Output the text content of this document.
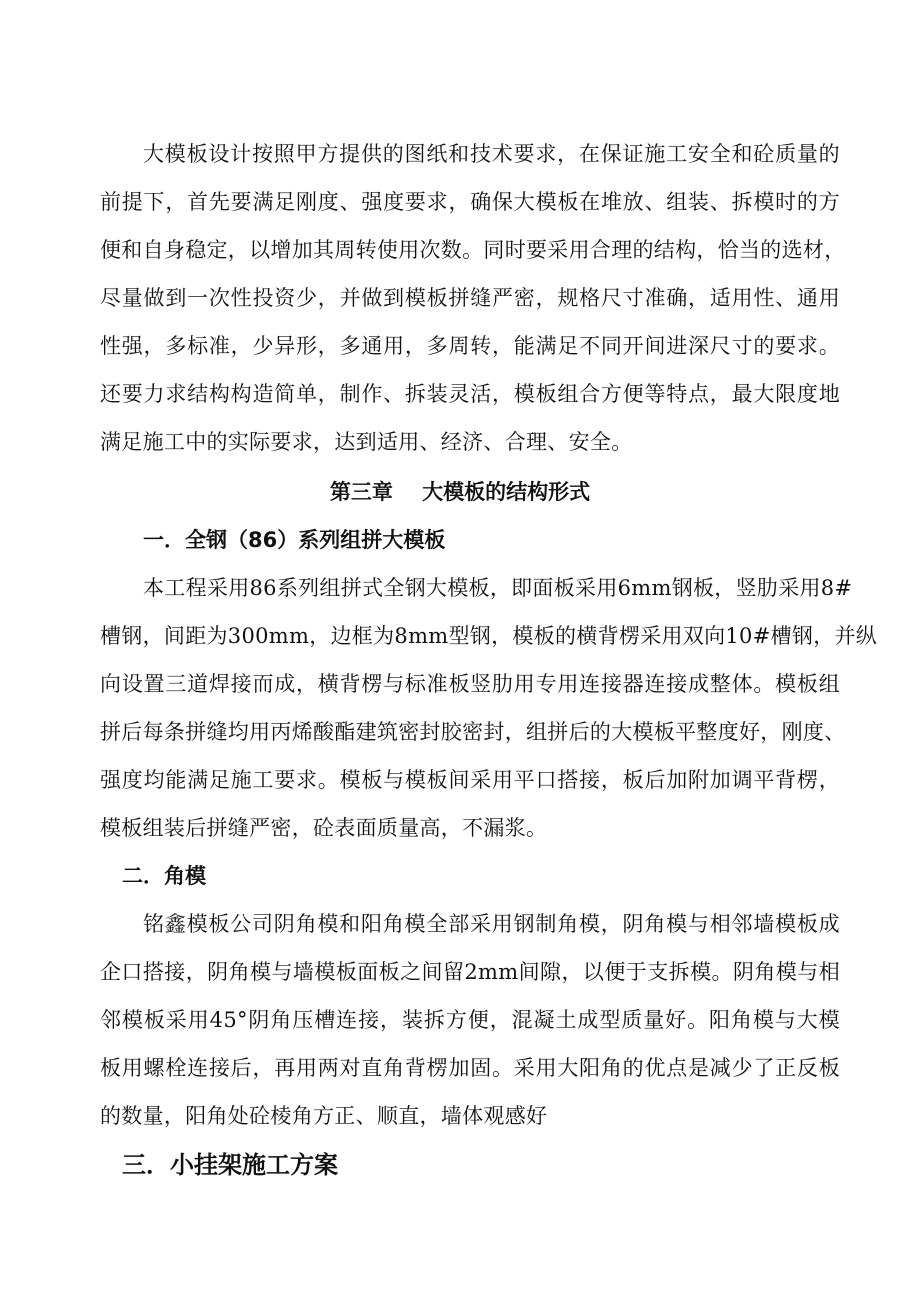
大模板设计按照甲方提供的图纸和技术要求，在保证施工安全和砼质量的
前提下，首先要满足刚度、强度要求，确保大模板在堆放、组装、拆模时的方
便和自身稳定，以增加其周转使用次数。同时要采用合理的结构，恰当的选材，
尽量做到一次性投资少，并做到模板拼缝严密，规格尺寸准确，适用性、通用
性强，多标准，少异形，多通用，多周转，能满足不同开间进深尺寸的要求。
还要力求结构构造简单，制作、拆装灵活，模板组合方便等特点，最大限度地
满足施工中的实际要求，达到适用、经济、合理、安全。
第三章    大模板的结构形式
一．全钢（86）系列组拼大模板
本工程采用86系列组拼式全钢大模板，即面板采用6mm钢板，竖肋采用8#
槽钢，间距为300mm，边框为8mm型钢，模板的横背楞采用双向10#槽钢，并纵
向设置三道焊接而成，横背楞与标准板竖肋用专用连接器连接成整体。模板组
拼后每条拼缝均用丙烯酸酯建筑密封胶密封，组拼后的大模板平整度好，刚度、
强度均能满足施工要求。模板与模板间采用平口搭接，板后加附加调平背楞，
模板组装后拼缝严密，砼表面质量高，不漏浆。
二．角模
铭鑫模板公司阴角模和阳角模全部采用钢制角模，阴角模与相邻墙模板成
企口搭接，阴角模与墙模板面板之间留2mm间隙，以便于支拆模。阴角模与相
邻模板采用45°阴角压槽连接，装拆方便，混凝土成型质量好。阳角模与大模
板用螺栓连接后，再用两对直角背楞加固。采用大阳角的优点是减少了正反板
的数量，阳角处砼棱角方正、顺直，墙体观感好
三．小挂架施工方案
